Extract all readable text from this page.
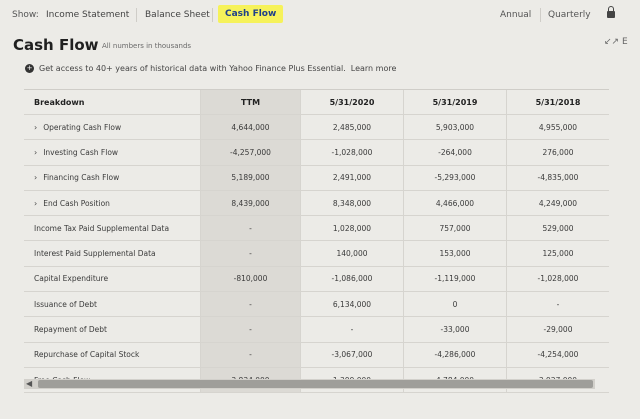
Show: Income Statement Balance Sheet	Cash Flow	Annual Quarterly
Cash Flow All numbers in thousands	↙↗ E
+ Get access to 40+ years of historical data with Yahoo Finance Plus Essential. Learn more
Breakdown	TTM	5/31/2020	5/31/2019	5/31/2018
› Operating Cash Flow	4,644,000	2,485,000	5,903,000	4,955,000
› Investing Cash Flow	-4,257,000	-1,028,000	-264,000	276,000
› Financing Cash Flow	5,189,000	2,491,000	-5,293,000	-4,835,000
› End Cash Position	8,439,000	8,348,000	4,466,000	4,249,000
Income Tax Paid Supplemental Data	-	1,028,000	757,000	529,000
Interest Paid Supplemental Data	-	140,000	153,000	125,000
Capital Expenditure	-810,000	-1,086,000	-1,119,000	-1,028,000
Issuance of Debt	-	6,134,000	0	-
Repayment of Debt	-	-	-33,000	-29,000
Repurchase of Capital Stock	-	-3,067,000	-4,286,000	-4,254,000
◀
